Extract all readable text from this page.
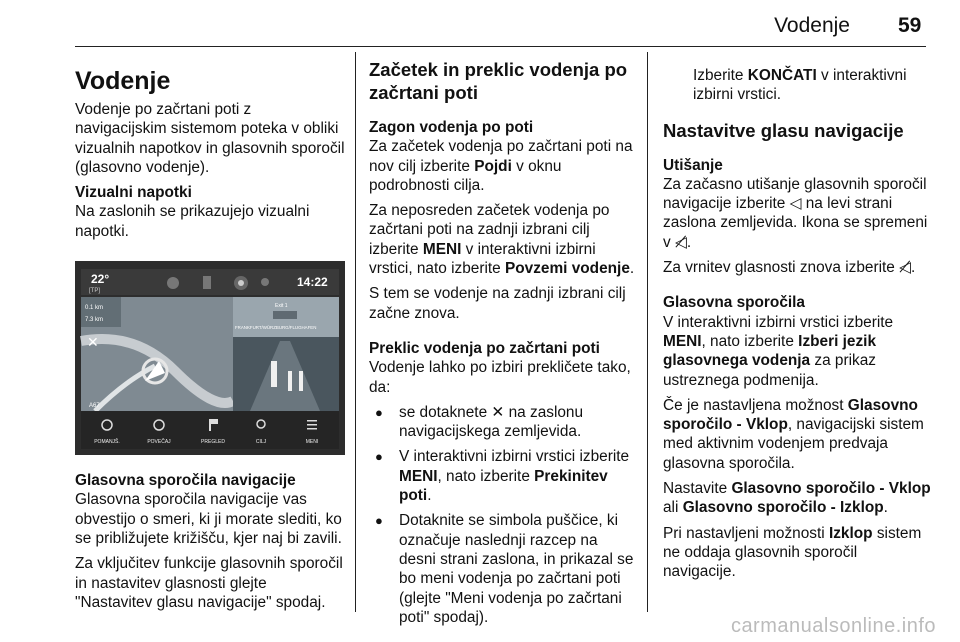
Vodenje 59
Vodenje

Vodenje po začrtani poti z navigacijskim sistemom poteka v obliki vizualnih napotkov in glasovnih sporočil (glasovno vodenje).

Vizualni napotki

Na zaslonih se prikazujejo vizualni napotki.

22°
[TP]
14:22
0.1 km
7.3 km
✕
A67
Exit 1
FRANKFURT/WÜRZBURG/FLUGHAFEN
POMANJŠ.	POVEČAJ	PREGLED	CILJ	MENI
Glasovna sporočila navigacije

Glasovna sporočila navigacije vas obvestijo o smeri, ki ji morate slediti, ko se približujete križišču, kjer naj bi zavili.

Za vključitev funkcije glasovnih sporočil in nastavitev glasnosti glejte "Nastavitev glasu navigacije" spodaj.

Začetek in preklic vodenja po začrtani poti
Zagon vodenja po poti

Za začetek vodenja po začrtani poti na nov cilj izberite Pojdi v oknu podrobnosti cilja.

Za neposreden začetek vodenja po začrtani poti na zadnji izbrani cilj izberite MENI v interaktivni izbirni vrstici, nato izberite Povzemi vodenje.

S tem se vodenje na zadnji izbrani cilj začne znova.

Preklic vodenja po začrtani poti

Vodenje lahko po izbiri prekličete tako, da:

● se dotaknete ✕ na zaslonu navigacijskega zemljevida.
● V interaktivni izbirni vrstici izberite MENI, nato izberite Prekinitev poti.
● Dotaknite se simbola puščice, ki označuje naslednji razcep na desni strani zaslona, in prikazal se bo meni vodenja po začrtani poti (glejte "Meni vodenja po začrtani poti" spodaj).

Izberite KONČATI v interaktivni izbirni vrstici.

Nastavitve glasu navigacije
Utišanje

Za začasno utišanje glasovnih sporočil navigacije izberite ◁ na levi strani zaslona zemljevida. Ikona se spremeni v ◁̸.

Za vrnitev glasnosti znova izberite ◁̸.

Glasovna sporočila

V interaktivni izbirni vrstici izberite MENI, nato izberite Izberi jezik glasovnega vodenja za prikaz ustreznega podmenija.

Če je nastavljena možnost Glasovno sporočilo - Vklop, navigacijski sistem med aktivnim vodenjem predvaja glasovna sporočila.

Nastavite Glasovno sporočilo - Vklop ali Glasovno sporočilo - Izklop.

Pri nastavljeni možnosti Izklop sistem ne oddaja glasovnih sporočil navigacije.

carmanualsonline.info
